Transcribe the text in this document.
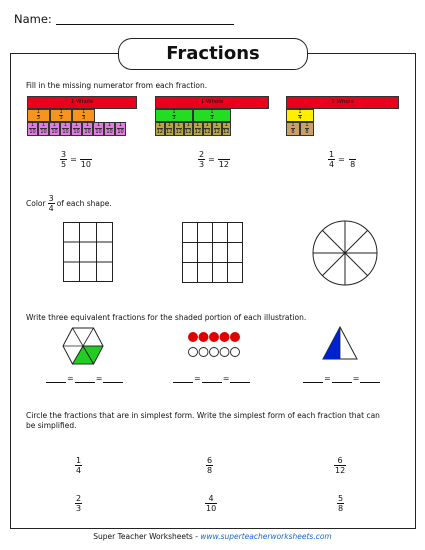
Name:
Fractions
Fill in the missing numerator from each fraction.
1 Whole
1
3
1
3
1
3
1
10
1
10
1
10
1
10
1
10
1
10
1
10
1
10
1
10
1 Whole
1
3
1
3
1
12
1
12
1
12
1
12
1
12
1
12
1
12
1
12
1 Whole
1
4
1
8
1
8
$\frac{3}{5}$ =

10	$\frac{2}{3}$ =

12	$\frac{1}{4}$ =

8
Color $\frac{3}{4}$ of each shape.
Write three equivalent fractions for the shaded portion of each illustration.
=	=	=	=	=	=
Circle the fractions that are in simplest form. Write the simplest form of each fraction that can
be simplified.
$\frac{1}{4}$	$\frac{6}{8}$	$\frac{6}{12}$
$\frac{2}{3}$	$\frac{4}{10}$	$\frac{5}{8}$
Super Teacher Worksheets - www.superteacherworksheets.com
